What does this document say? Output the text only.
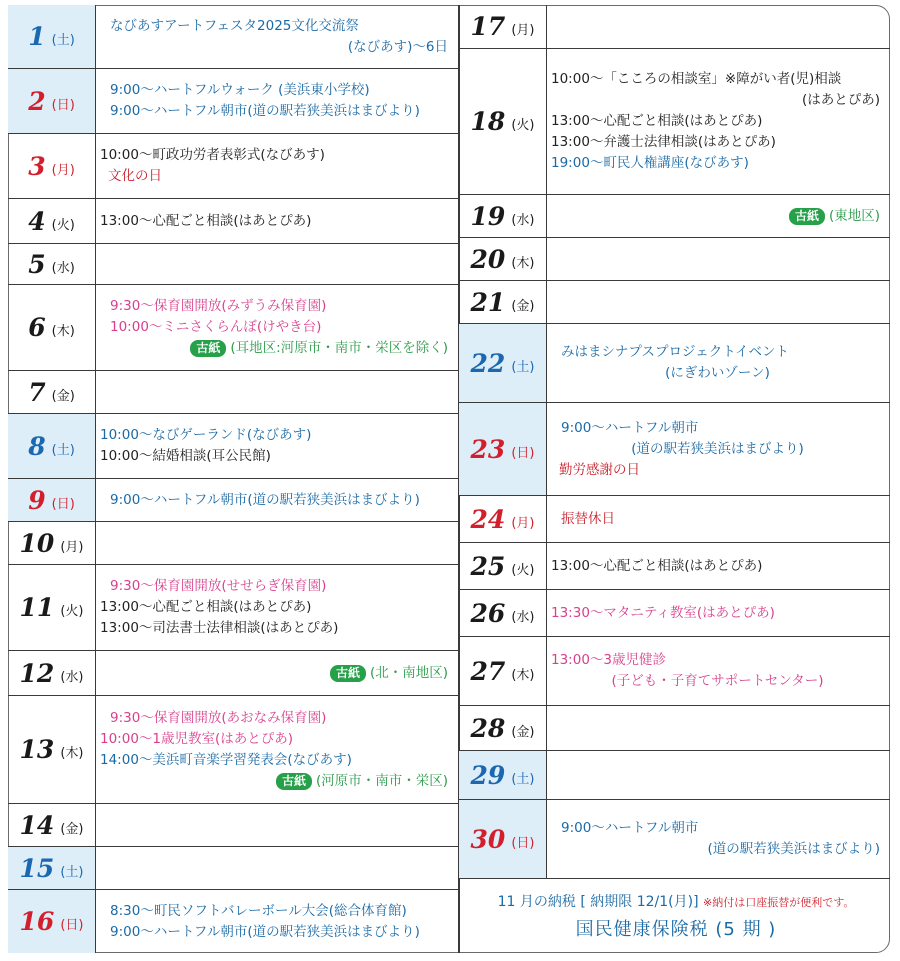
1 (土)
なびあすアートフェスタ2025文化交流祭
(なびあす)～6日
2 (日)
9:00～ハートフルウォーク (美浜東小学校)
9:00～ハートフル朝市(道の駅若狭美浜はまびより)
3 (月)
10:00～町政功労者表彰式(なびあす)
文化の日
4 (火) 13:00～心配ごと相談(はあとぴあ)
5 (水)
6 (木)
9:30～保育園開放(みずうみ保育園)
10:00～ミニさくらんぼ(けやき台)
古紙 (耳地区:河原市・南市・栄区を除く)
7 (金)
8 (土)
10:00～なびゲーランド(なびあす)
10:00～結婚相談(耳公民館)
9 (日)	9:00～ハートフル朝市(道の駅若狭美浜はまびより)
10 (月)
11 (火)
9:30～保育園開放(せせらぎ保育園)
13:00～心配ごと相談(はあとぴあ)
13:00～司法書士法律相談(はあとぴあ)
12 (水)	古紙 (北・南地区)
13 (木)
9:30～保育園開放(あおなみ保育園)
10:00～1歳児教室(はあとぴあ)
14:00～美浜町音楽学習発表会(なびあす)
古紙 (河原市・南市・栄区)
14 (金)
15 (土)
16 (日)
8:30～町民ソフトバレーボール大会(総合体育館)
9:00～ハートフル朝市(道の駅若狭美浜はまびより)
17 (月)
18 (火)
10:00～「こころの相談室」※障がい者(児)相談
(はあとぴあ)
13:00～心配ごと相談(はあとぴあ)
13:00～弁護士法律相談(はあとぴあ)
19:00～町民人権講座(なびあす)
19 (水)	古紙 (東地区)
20 (木)
21 (金)
22 (土)
みはまシナプスプロジェクトイベント
(にぎわいゾーン)
23 (日)
9:00～ハートフル朝市
(道の駅若狭美浜はまびより)
勤労感謝の日
24 (月)	振替休日
25 (火) 13:00～心配ごと相談(はあとぴあ)
26 (水) 13:30～マタニティ教室(はあとぴあ)
27 (木)
13:00～3歳児健診
(子ども・子育てサポートセンター)
28 (金)
29 (土)
30 (日)
9:00～ハートフル朝市
(道の駅若狭美浜はまびより)
11 月の納税 [ 納期限 12/1(月)] ※納付は口座振替が便利です。
国民健康保険税 (5 期 )
